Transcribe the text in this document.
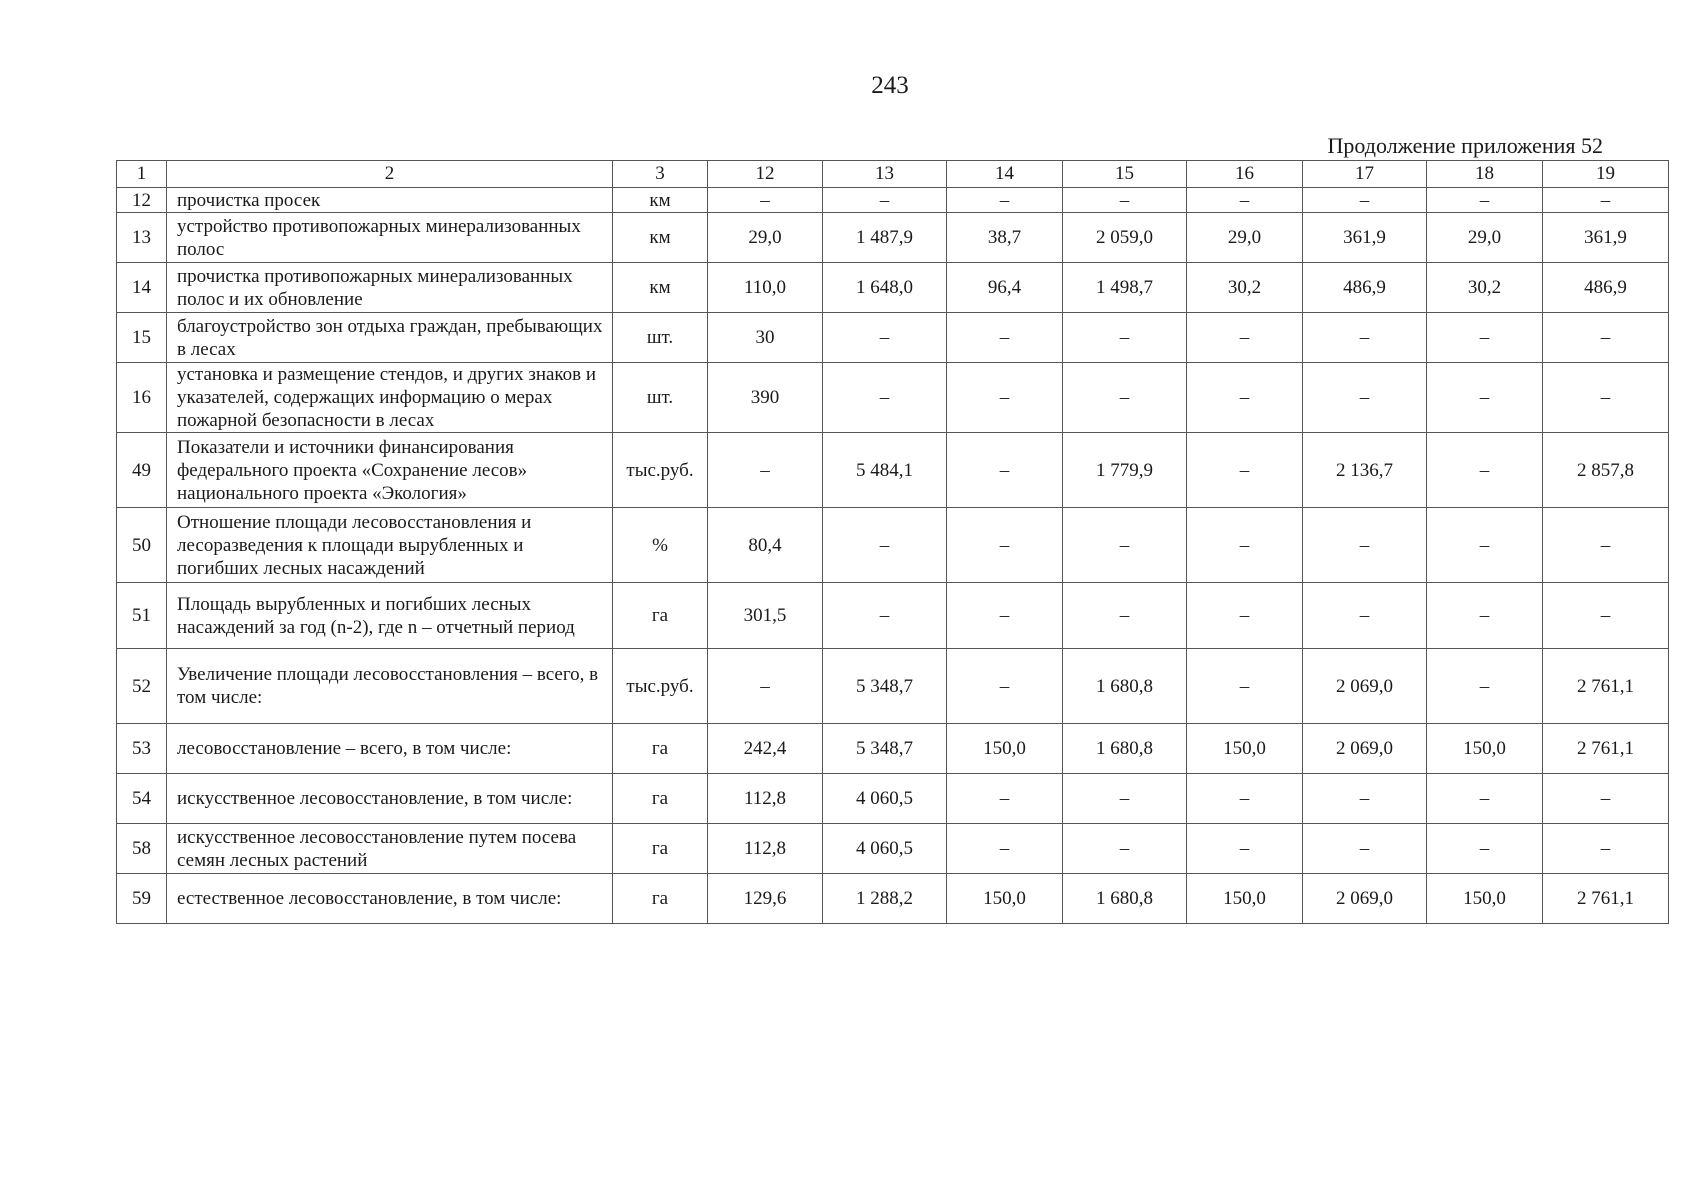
243
Продолжение приложения 52
1	2	3	12	13	14	15	16	17	18	19
12	прочистка просек	км	–	–	–	–	–	–	–	–
13	устройство противопожарных минерализованных полос	км	29,0	1 487,9	38,7	2 059,0	29,0	361,9	29,0	361,9
14	прочистка противопожарных минерализованных полос и их обновление	км	110,0	1 648,0	96,4	1 498,7	30,2	486,9	30,2	486,9
15	благоустройство зон отдыха граждан, пребывающих в лесах	шт.	30	–	–	–	–	–	–	–
16	установка и размещение стендов, и других знаков и указателей, содержащих информацию о мерах пожарной безопасности в лесах	шт.	390	–	–	–	–	–	–	–
49	Показатели и источники финансирования федерального проекта «Сохранение лесов» национального проекта «Экология»	тыс.руб.	–	5 484,1	–	1 779,9	–	2 136,7	–	2 857,8
50	Отношение площади лесовосстановления и лесоразведения к площади вырубленных и погибших лесных насаждений	%	80,4	–	–	–	–	–	–	–
51	Площадь вырубленных и погибших лесных насаждений за год (n-2), где n – отчетный период	га	301,5	–	–	–	–	–	–	–
52	Увеличение площади лесовосстановления – всего, в том числе:	тыс.руб.	–	5 348,7	–	1 680,8	–	2 069,0	–	2 761,1
53	лесовосстановление – всего, в том числе:	га	242,4	5 348,7	150,0	1 680,8	150,0	2 069,0	150,0	2 761,1
54	искусственное лесовосстановление, в том числе:	га	112,8	4 060,5	–	–	–	–	–	–
58	искусственное лесовосстановление путем посева семян лесных растений	га	112,8	4 060,5	–	–	–	–	–	–
59	естественное лесовосстановление, в том числе:	га	129,6	1 288,2	150,0	1 680,8	150,0	2 069,0	150,0	2 761,1
